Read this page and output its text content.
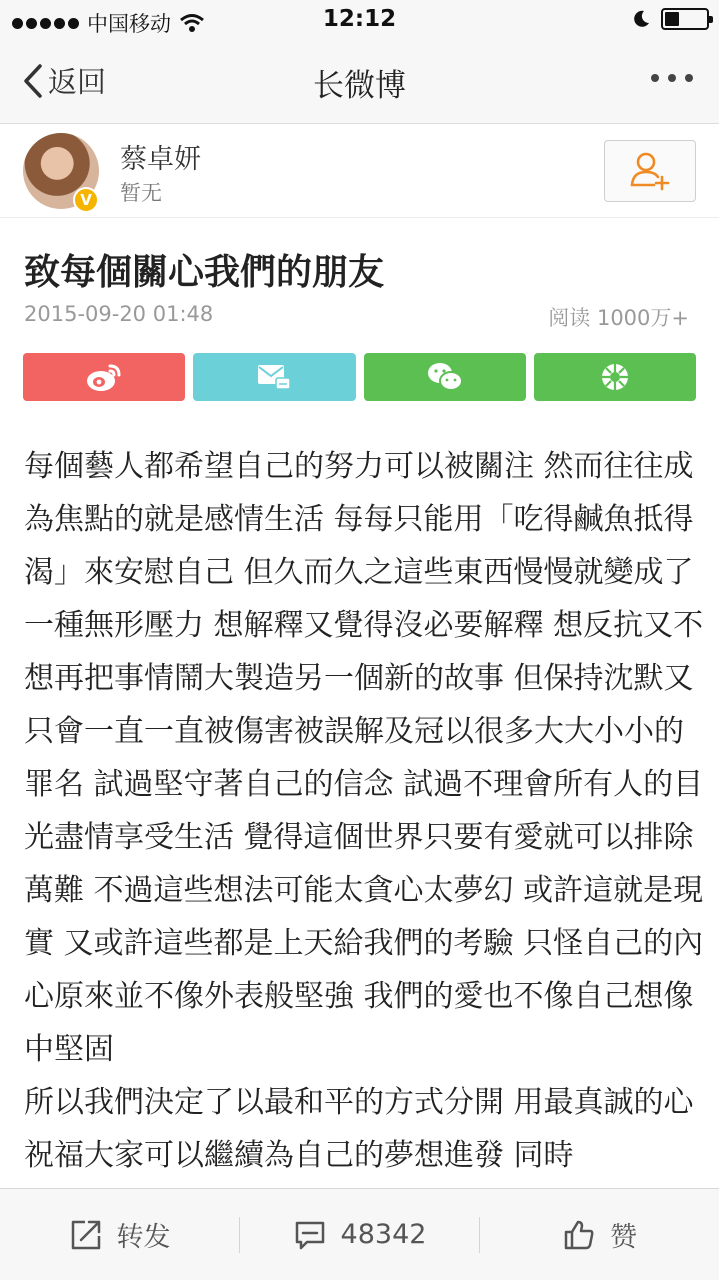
中国移动	12:12
返回	长微博
V
蔡卓妍
暂无
致每個關心我們的朋友
2015-09-20 01:48	阅读 1000万+

每個藝人都希望自己的努力可以被關注 然而往往成為焦點的就是感情生活 每每只能用「吃得鹹魚抵得渴」來安慰自己 但久而久之這些東西慢慢就變成了一種無形壓力 想解釋又覺得沒必要解釋 想反抗又不想再把事情鬧大製造另一個新的故事 但保持沈默又只會一直一直被傷害被誤解及冠以很多大大小小的罪名 試過堅守著自己的信念 試過不理會所有人的目光盡情享受生活 覺得這個世界只要有愛就可以排除萬難 不過這些想法可能太貪心太夢幻 或許這就是現實 又或許這些都是上天給我們的考驗 只怪自己的內心原來並不像外表般堅強 我們的愛也不像自己想像中堅固

所以我們決定了以最和平的方式分開 用最真誠的心祝福大家可以繼續為自己的夢想進發 同時

转发	48342	赞
